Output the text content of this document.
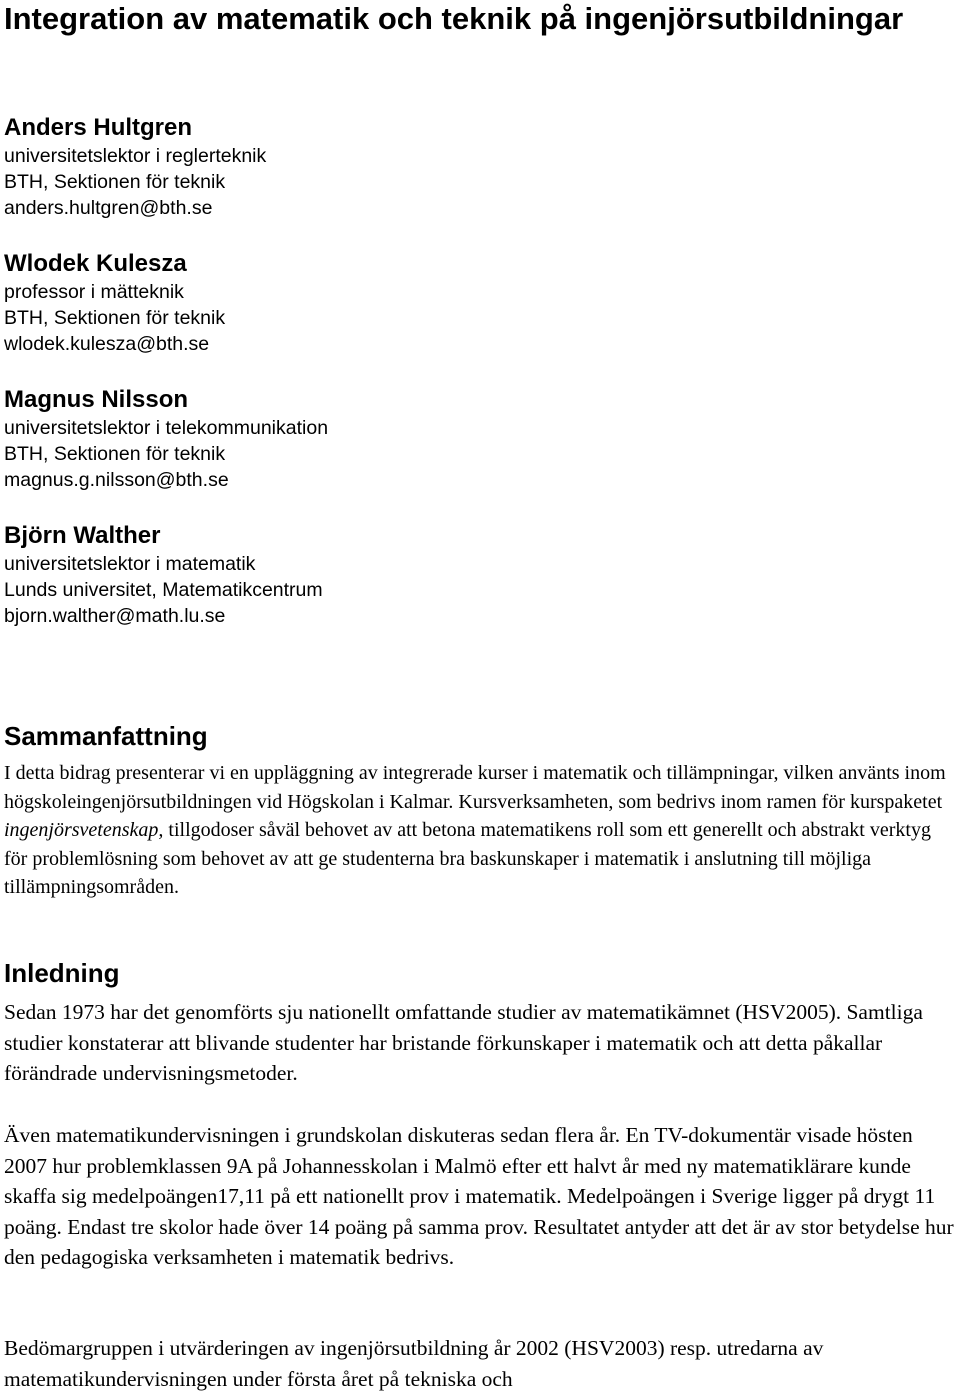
Integration av matematik och teknik på ingenjörsutbildningar
Anders Hultgren
universitetslektor i reglerteknik
BTH, Sektionen för teknik
anders.hultgren@bth.se
Wlodek Kulesza
professor i mätteknik
BTH, Sektionen för teknik
wlodek.kulesza@bth.se
Magnus Nilsson
universitetslektor i telekommunikation
BTH, Sektionen för teknik
magnus.g.nilsson@bth.se
Björn Walther
universitetslektor i matematik
Lunds universitet, Matematikcentrum
bjorn.walther@math.lu.se
Sammanfattning

I detta bidrag presenterar vi en uppläggning av integrerade kurser i matematik och tillämpningar, vilken använts inom högskoleingenjörsutbildningen vid Högskolan i Kalmar. Kursverksamheten, som bedrivs inom ramen för kurspaketet ingenjörsvetenskap, tillgodoser såväl behovet av att betona matematikens roll som ett generellt och abstrakt verktyg för problemlösning som behovet av att ge studenterna bra baskunskaper i matematik i anslutning till möjliga tillämpningsområden.

Inledning

Sedan 1973 har det genomförts sju nationellt omfattande studier av matematikämnet (HSV2005). Samtliga studier konstaterar att blivande studenter har bristande förkunskaper i matematik och att detta påkallar förändrade undervisningsmetoder.

Även matematikundervisningen i grundskolan diskuteras sedan flera år. En TV-dokumentär visade hösten 2007 hur problemklassen 9A på Johannesskolan i Malmö efter ett halvt år med ny matematiklärare kunde skaffa sig medelpoängen17,11 på ett nationellt prov i matematik. Medelpoängen i Sverige ligger på drygt 11 poäng. Endast tre skolor hade över 14 poäng på samma prov. Resultatet antyder att det är av stor betydelse hur den pedagogiska verksamheten i matematik bedrivs.

Bedömargruppen i utvärderingen av ingenjörsutbildning år 2002 (HSV2003) resp. utredarna av matematikundervisningen under första året på tekniska och
